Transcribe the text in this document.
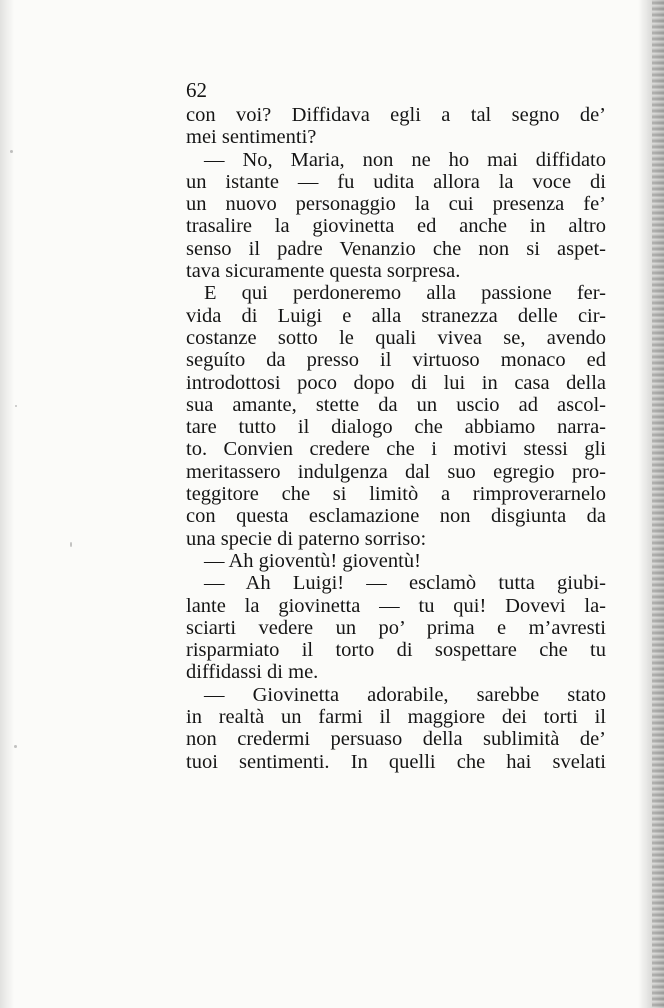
62
con voi? Diffidava egli a tal segno de’
mei sentimenti?
— No, Maria, non ne ho mai diffidato
un istante — fu udita allora la voce di
un nuovo personaggio la cui presenza fe’
trasalire la giovinetta ed anche in altro
senso il padre Venanzio che non si aspet-
tava sicuramente questa sorpresa.
E qui perdoneremo alla passione fer-
vida di Luigi e alla stranezza delle cir-
costanze sotto le quali vivea se, avendo
seguíto da presso il virtuoso monaco ed
introdottosi poco dopo di lui in casa della
sua amante, stette da un uscio ad ascol-
tare tutto il dialogo che abbiamo narra-
to. Convien credere che i motivi stessi gli
meritassero indulgenza dal suo egregio pro-
teggitore che si limitò a rimproverarnelo
con questa esclamazione non disgiunta da
una specie di paterno sorriso:
— Ah gioventù! gioventù!
— Ah Luigi! — esclamò tutta giubi-
lante la giovinetta — tu qui! Dovevi la-
sciarti vedere un po’ prima e m’avresti
risparmiato il torto di sospettare che tu
diffidassi di me.
— Giovinetta adorabile, sarebbe stato
in realtà un farmi il maggiore dei torti il
non credermi persuaso della sublimità de’
tuoi sentimenti. In quelli che hai svelati
